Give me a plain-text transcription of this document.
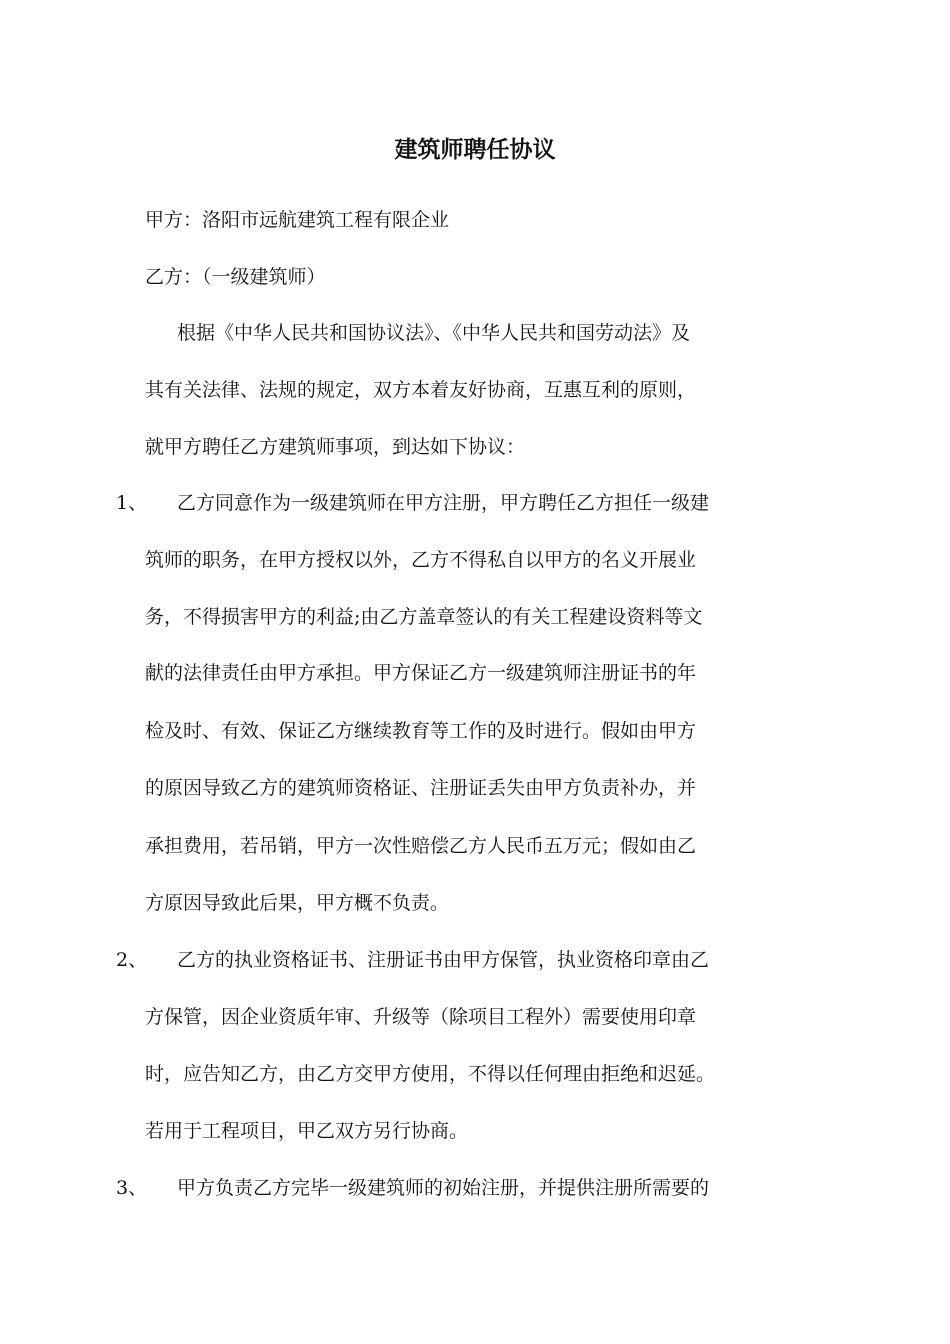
建筑师聘任协议
甲方：洛阳市远航建筑工程有限企业
乙方：（一级建筑师）
根据《中华人民共和国协议法》、《中华人民共和国劳动法》及
其有关法律、法规的规定，双方本着友好协商，互惠互利的原则，
就甲方聘任乙方建筑师事项，到达如下协议：
1、 乙方同意作为一级建筑师在甲方注册，甲方聘任乙方担任一级建
筑师的职务，在甲方授权以外，乙方不得私自以甲方的名义开展业
务，不得损害甲方的利益;由乙方盖章签认的有关工程建设资料等文
献的法律责任由甲方承担。甲方保证乙方一级建筑师注册证书的年
检及时、有效、保证乙方继续教育等工作的及时进行。假如由甲方
的原因导致乙方的建筑师资格证、注册证丢失由甲方负责补办，并
承担费用，若吊销，甲方一次性赔偿乙方人民币五万元；假如由乙
方原因导致此后果，甲方概不负责。
2、 乙方的执业资格证书、注册证书由甲方保管，执业资格印章由乙
方保管，因企业资质年审、升级等（除项目工程外）需要使用印章
时，应告知乙方，由乙方交甲方使用，不得以任何理由拒绝和迟延。
若用于工程项目，甲乙双方另行协商。
3、 甲方负责乙方完毕一级建筑师的初始注册，并提供注册所需要的
